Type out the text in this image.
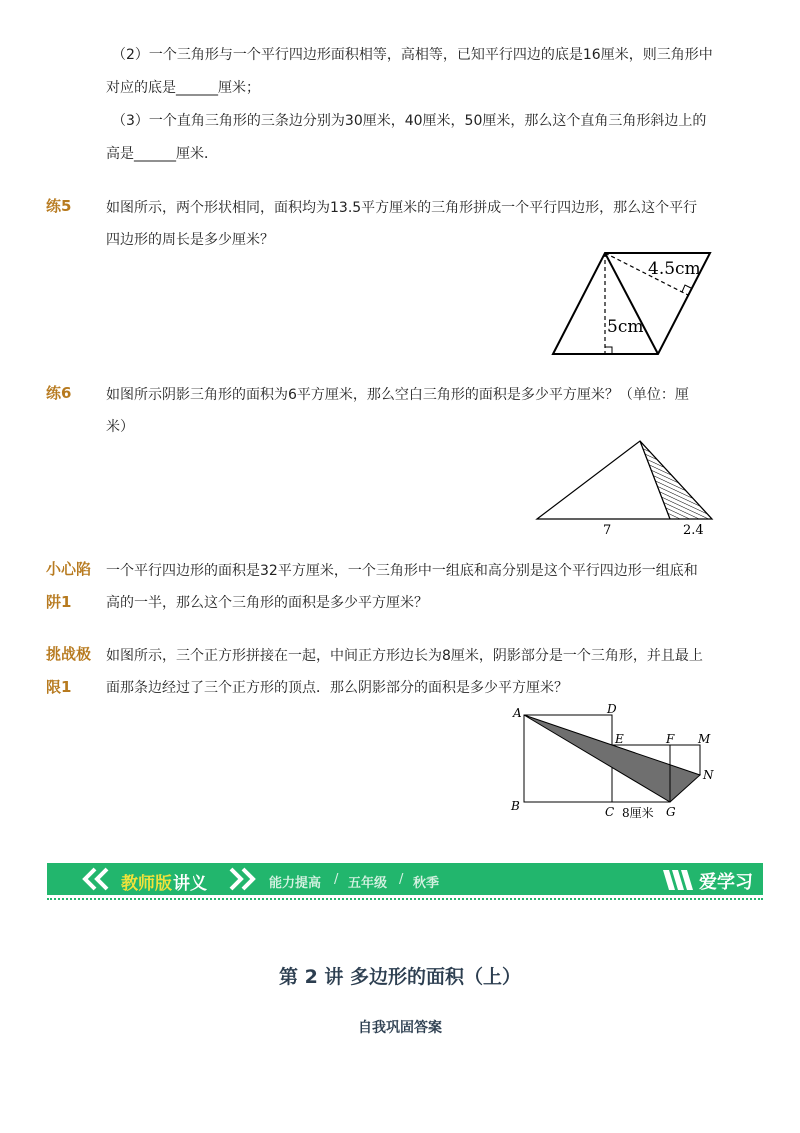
（2）一个三角形与一个平行四边形面积相等，高相等，已知平行四边的底是16厘米，则三角形中
对应的底是______厘米；
（3）一个直角三角形的三条边分别为30厘米，40厘米，50厘米，那么这个直角三角形斜边上的
高是______厘米．
练5 如图所示，两个形状相同，面积均为13.5平方厘米的三角形拼成一个平行四边形，那么这个平行
四边形的周长是多少厘米？
4.5cm
5cm
练6 如图所示阴影三角形的面积为6平方厘米，那么空白三角形的面积是多少平方厘米？（单位：厘
米）
7	2.4
小心陷
阱1
一个平行四边形的面积是32平方厘米，一个三角形中一组底和高分别是这个平行四边形一组底和
高的一半，那么这个三角形的面积是多少平方厘米？
挑战极
限1
如图所示，三个正方形拼接在一起，中间正方形边长为8厘米，阴影部分是一个三角形，并且最上
面那条边经过了三个正方形的顶点．那么阴影部分的面积是多少平方厘米？
A	D
E	F M
N
B	C	G
8厘米
教师版 讲义	能力提高 / 五年级 / 秋季	爱学习
第 2 讲 多边形的面积（上）
自我巩固答案
